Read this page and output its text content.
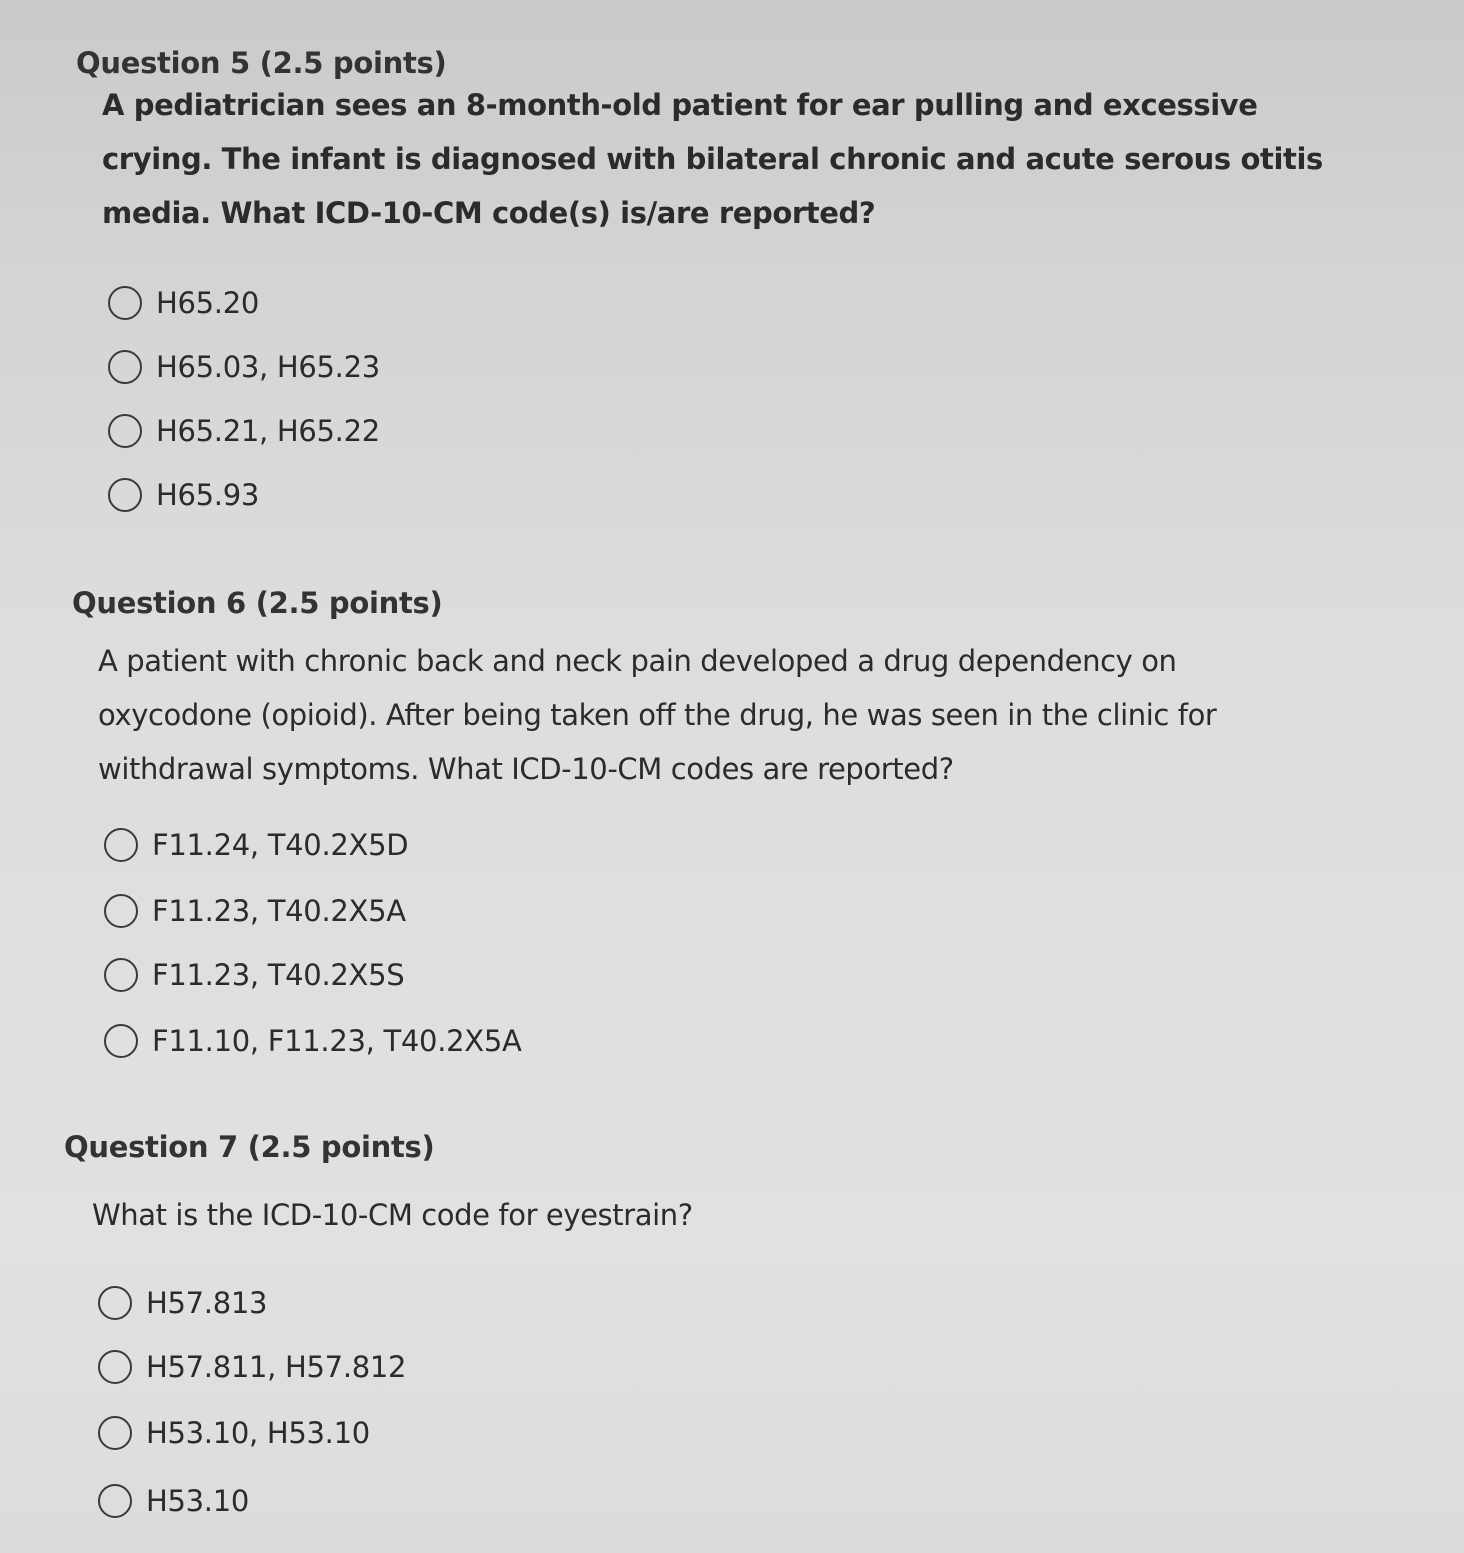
Question 5 (2.5 points)
A pediatrician sees an 8-month-old patient for ear pulling and excessive crying. The infant is diagnosed with bilateral chronic and acute serous otitis media. What ICD-10-CM code(s) is/are reported?
H65.20
H65.03, H65.23
H65.21, H65.22
H65.93
Question 6 (2.5 points)
A patient with chronic back and neck pain developed a drug dependency on oxycodone (opioid). After being taken off the drug, he was seen in the clinic for withdrawal symptoms. What ICD-10-CM codes are reported?
F11.24, T40.2X5D
F11.23, T40.2X5A
F11.23, T40.2X5S
F11.10, F11.23, T40.2X5A
Question 7 (2.5 points)
What is the ICD-10-CM code for eyestrain?
H57.813
H57.811, H57.812
H53.10, H53.10
H53.10
